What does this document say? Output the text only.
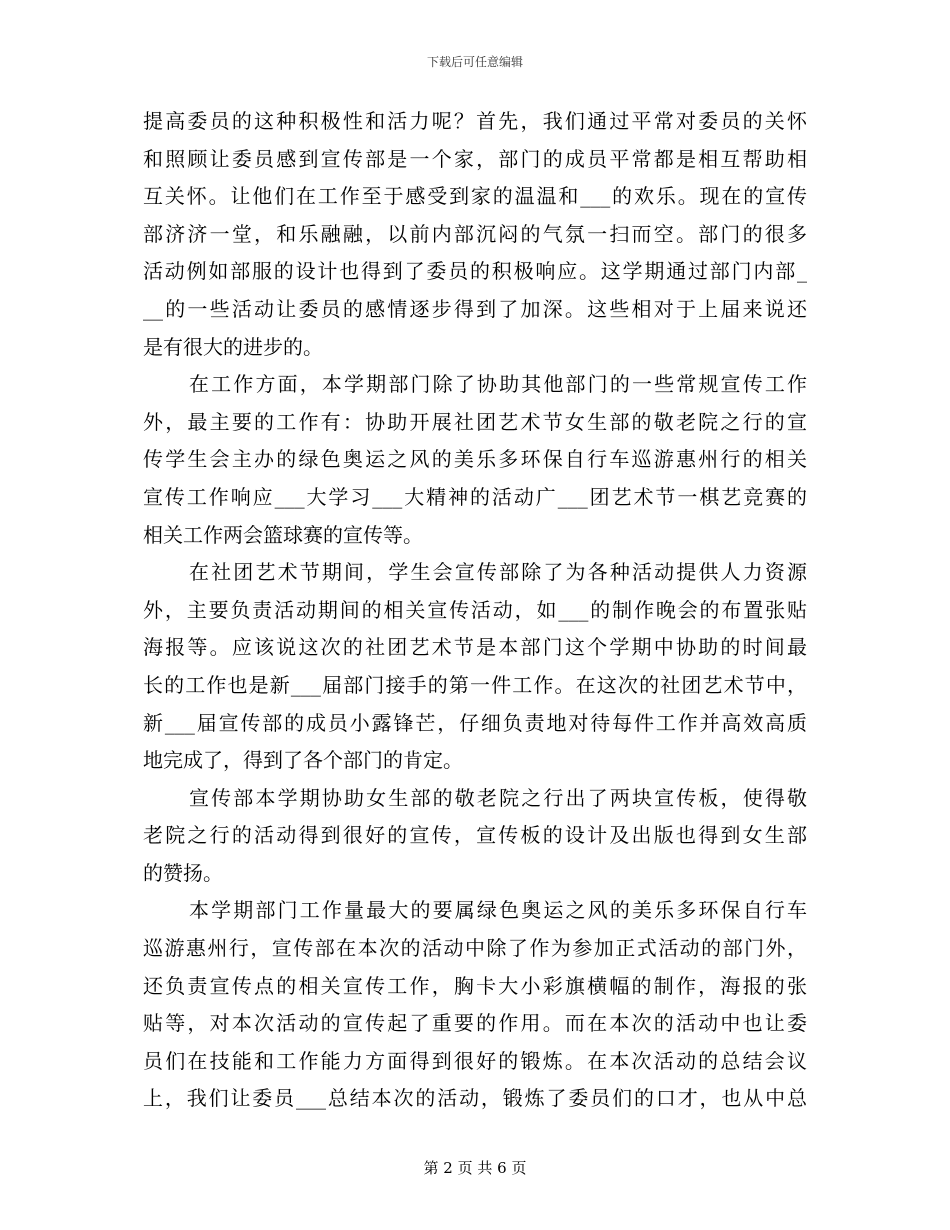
下载后可任意编辑
提高委员的这种积极性和活力呢？首先，我们通过平常对委员的关怀
和照顾让委员感到宣传部是一个家，部门的成员平常都是相互帮助相
互关怀。让他们在工作至于感受到家的温温和___的欢乐。现在的宣传
部济济一堂，和乐融融，以前内部沉闷的气氛一扫而空。部门的很多
活动例如部服的设计也得到了委员的积极响应。这学期通过部门内部_
__的一些活动让委员的感情逐步得到了加深。这些相对于上届来说还
是有很大的进步的。
在工作方面，本学期部门除了协助其他部门的一些常规宣传工作
外，最主要的工作有：协助开展社团艺术节女生部的敬老院之行的宣
传学生会主办的绿色奥运之风的美乐多环保自行车巡游惠州行的相关
宣传工作响应___大学习___大精神的活动广___团艺术节一棋艺竞赛的
相关工作两会篮球赛的宣传等。
在社团艺术节期间，学生会宣传部除了为各种活动提供人力资源
外，主要负责活动期间的相关宣传活动，如___的制作晚会的布置张贴
海报等。应该说这次的社团艺术节是本部门这个学期中协助的时间最
长的工作也是新___届部门接手的第一件工作。在这次的社团艺术节中，
新___届宣传部的成员小露锋芒，仔细负责地对待每件工作并高效高质
地完成了，得到了各个部门的肯定。
宣传部本学期协助女生部的敬老院之行出了两块宣传板，使得敬
老院之行的活动得到很好的宣传，宣传板的设计及出版也得到女生部
的赞扬。
本学期部门工作量最大的要属绿色奥运之风的美乐多环保自行车
巡游惠州行，宣传部在本次的活动中除了作为参加正式活动的部门外，
还负责宣传点的相关宣传工作，胸卡大小彩旗横幅的制作，海报的张
贴等，对本次活动的宣传起了重要的作用。而在本次的活动中也让委
员们在技能和工作能力方面得到很好的锻炼。在本次活动的总结会议
上，我们让委员___总结本次的活动，锻炼了委员们的口才，也从中总
第 2 页 共 6 页
